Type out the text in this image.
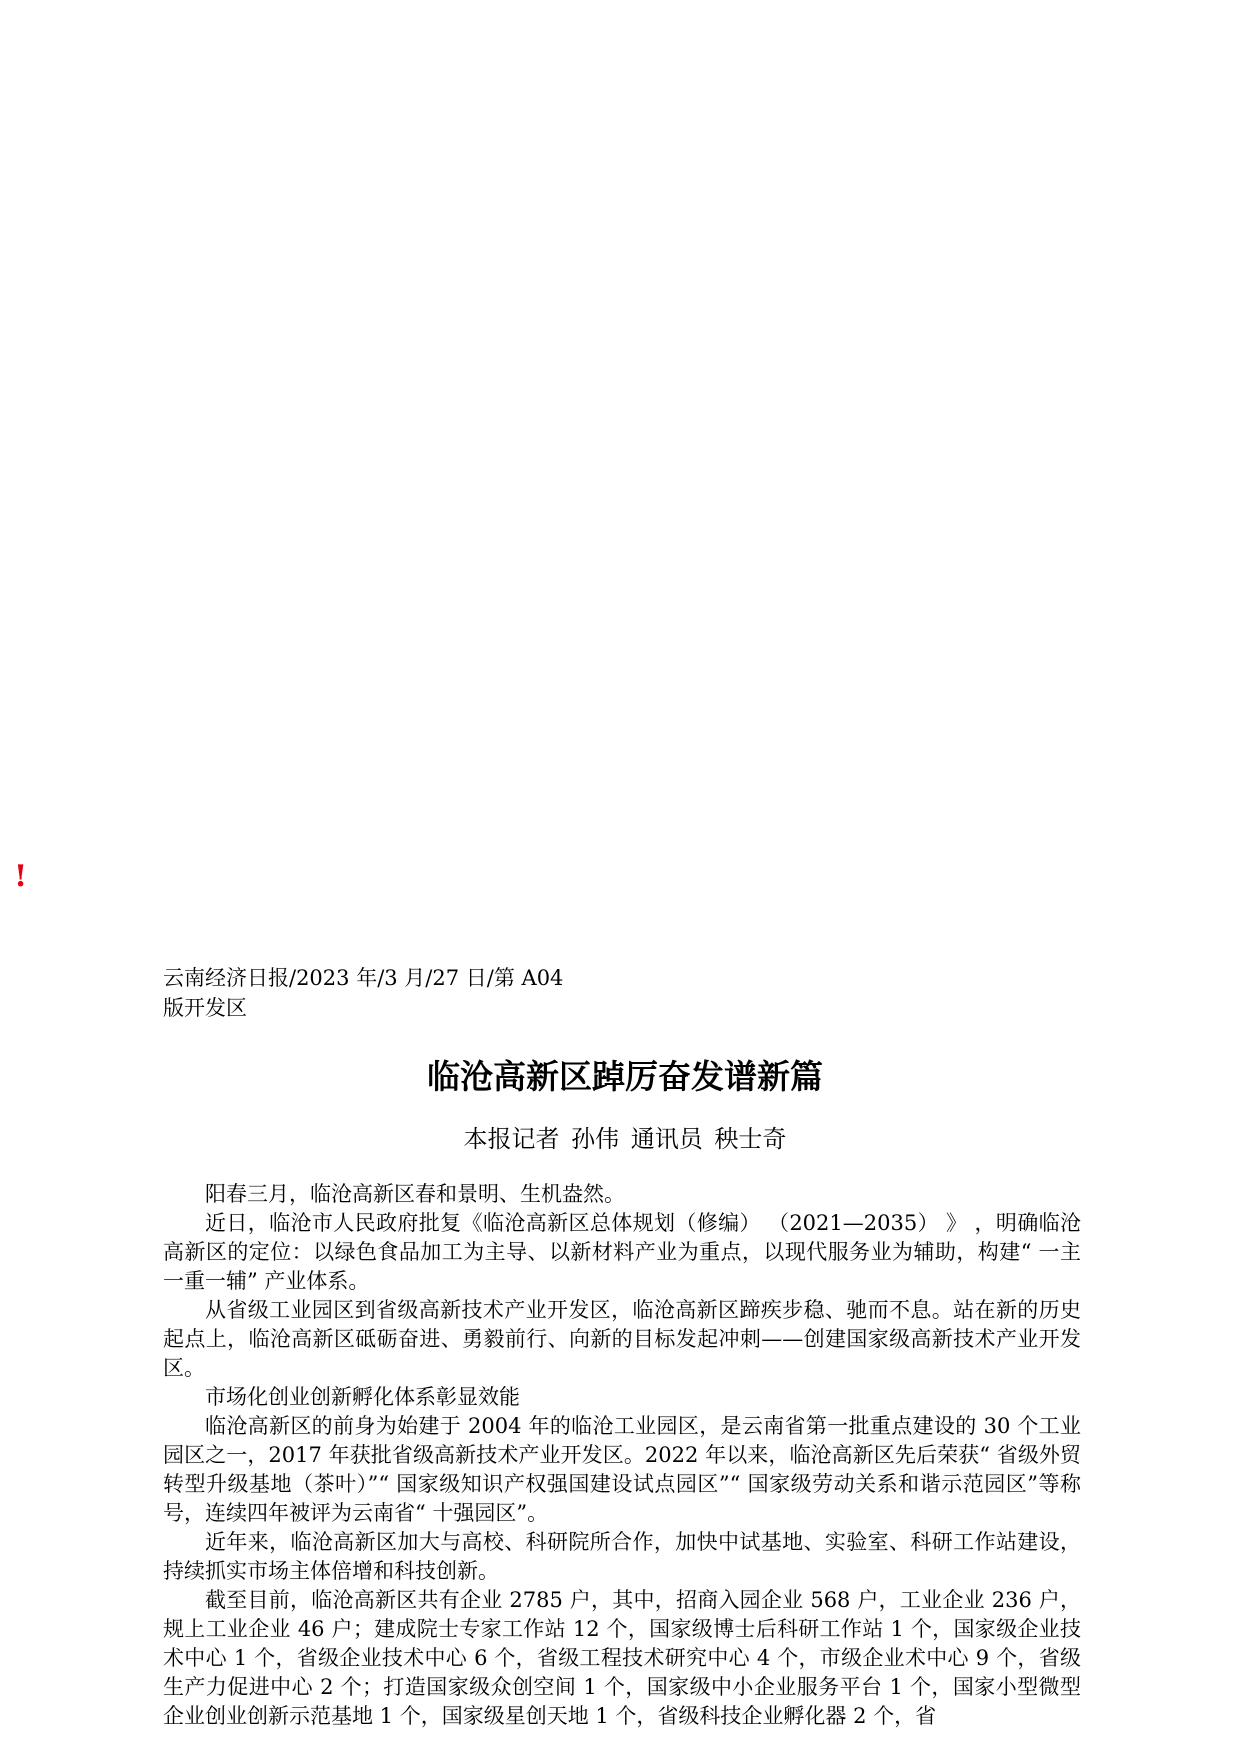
!
云南经济日报/2023 年/3 月/27 日/第 A04
版开发区
临沧高新区踔厉奋发谱新篇
本报记者 孙伟 通讯员 秧士奇

阳春三月，临沧高新区春和景明、生机盎然。

近日，临沧市人民政府批复《临沧高新区总体规划（修编） （2021—2035） 》 ，明确临沧高新区的定位：以绿色食品加工为主导、以新材料产业为重点，以现代服务业为辅助，构建“ 一主一重一辅” 产业体系。

从省级工业园区到省级高新技术产业开发区，临沧高新区蹄疾步稳、驰而不息。站在新的历史起点上，临沧高新区砥砺奋进、勇毅前行、向新的目标发起冲刺——创建国家级高新技术产业开发区。

市场化创业创新孵化体系彰显效能

临沧高新区的前身为始建于 2004 年的临沧工业园区，是云南省第一批重点建设的 30 个工业园区之一，2017 年获批省级高新技术产业开发区。2022 年以来，临沧高新区先后荣获“ 省级外贸转型升级基地（茶叶）”“ 国家级知识产权强国建设试点园区”“ 国家级劳动关系和谐示范园区”等称号，连续四年被评为云南省“ 十强园区”。

近年来，临沧高新区加大与高校、科研院所合作，加快中试基地、实验室、科研工作站建设，持续抓实市场主体倍增和科技创新。

截至目前，临沧高新区共有企业 2785 户，其中，招商入园企业 568 户，工业企业 236 户，规上工业企业 46 户；建成院士专家工作站 12 个，国家级博士后科研工作站 1 个，国家级企业技术中心 1 个，省级企业技术中心 6 个，省级工程技术研究中心 4 个，市级企业术中心 9 个，省级生产力促进中心 2 个；打造国家级众创空间 1 个，国家级中小企业服务平台 1 个，国家小型微型企业创业创新示范基地 1 个，国家级星创天地 1 个，省级科技企业孵化器 2 个，省
